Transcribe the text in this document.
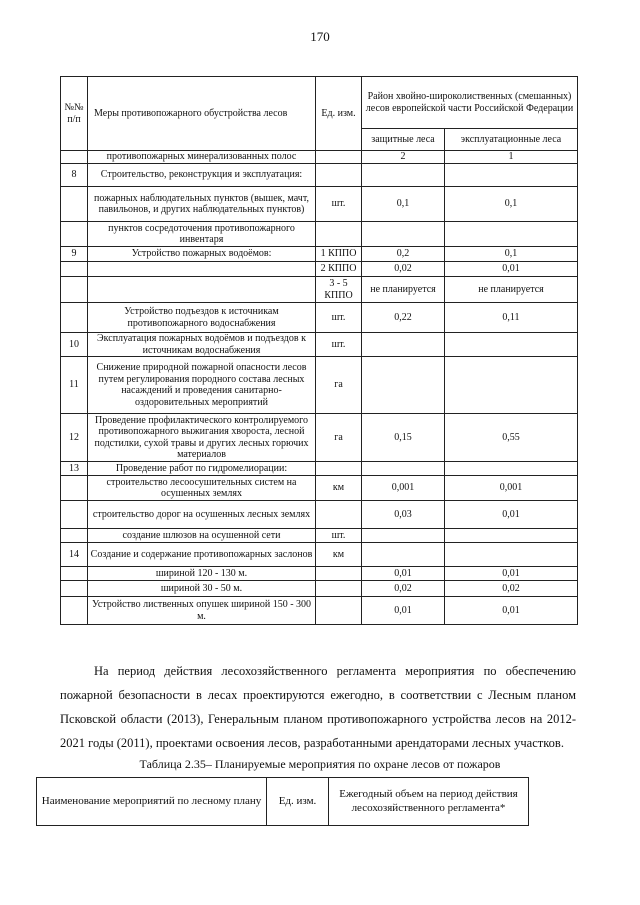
170
№№ п/п	Меры противопожарного обустройства лесов	Ед. изм.	Район хвойно-широколиственных (смешанных) лесов европейской части Российской Федерации	
			защитные леса	эксплуатационные леса
	противопожарных минерализованных полос		2	1
8	Строительство, реконструкция и эксплуатация:			
	пожарных наблюдательных пунктов (вышек, мачт, павильонов, и других наблюдательных пунктов)	шт.	0,1	0,1
	пунктов сосредоточения противопожарного инвентаря			
9	Устройство пожарных водоёмов:	1 КППО	0,2	0,1
		2 КППО	0,02	0,01
		3 - 5 КППО	не планируется	не планируется
	Устройство подъездов к источникам противопожарного водоснабжения	шт.	0,22	0,11
10	Эксплуатация пожарных водоёмов и подъездов к источникам водоснабжения	шт.		
11	Снижение природной пожарной опасности лесов путем регулирования породного состава лесных насаждений и проведения санитарно-оздоровительных мероприятий	га		
12	Проведение профилактического контролируемого противопожарного выжигания хвороста, лесной подстилки, сухой травы и других лесных горючих материалов	га	0,15	0,55
13	Проведение работ по гидромелиорации:			
	строительство лесоосушительных систем на осушенных землях	км	0,001	0,001
	строительство дорог на осушенных лесных землях		0,03	0,01
	создание шлюзов на осушенной сети	шт.		
14	Создание и содержание противопожарных заслонов	км		
	шириной 120 - 130 м.		0,01	0,01
	шириной 30 - 50 м.		0,02	0,02
	Устройство лиственных опушек шириной 150 - 300 м.		0,01	0,01

На период действия лесохозяйственного регламента мероприятия по обеспечению пожарной безопасности в лесах проектируются ежегодно, в соответствии с Лесным планом Псковской области (2013), Генеральным планом противопожарного устройства лесов на 2012-2021 годы (2011), проектами освоения лесов, разработанными арендаторами лесных участков.

Таблица 2.35– Планируемые мероприятия по охране лесов от пожаров
Наименование мероприятий по лесному плану	Ед. изм.	Ежегодный объем на период действия лесохозяйственного регламента*
